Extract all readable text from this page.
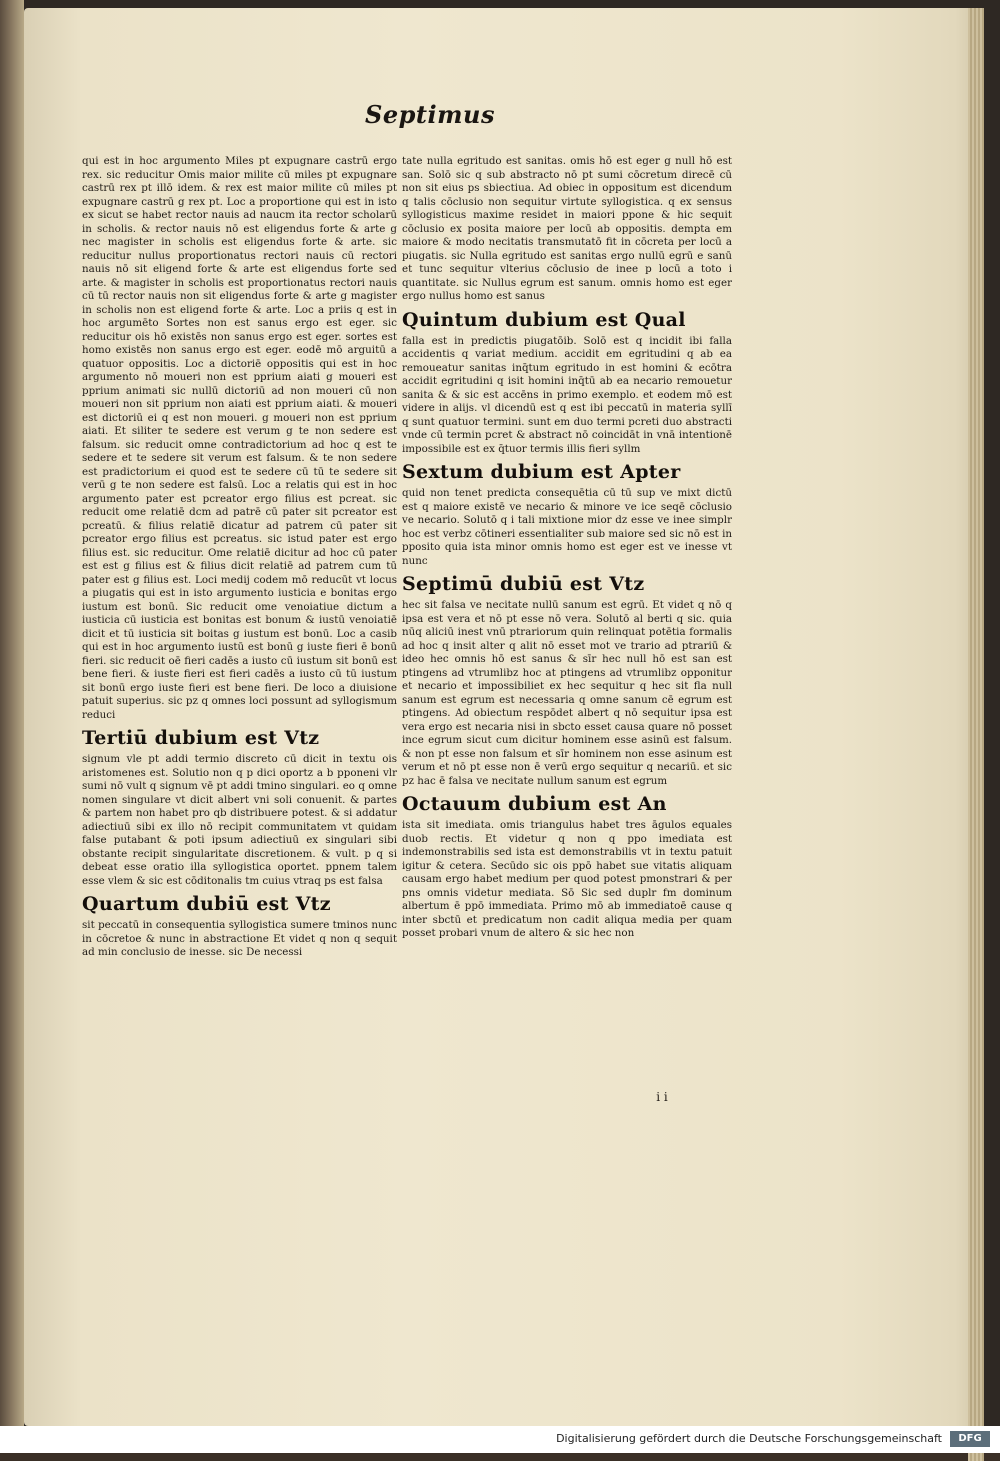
Septimus

qui est in hoc argumento Miles pt expugnare castrū ergo rex. sic reducitur Omis maior milite cū miles pt expugnare castrū rex pt illō idem. & rex est maior milite cū miles pt expugnare castrū g rex pt. Loc a proportione qui est in isto ex sicut se habet rector nauis ad naucm ita rector scholarū in scholis. & rector nauis nō est eligendus forte & arte g nec magister in scholis est eligendus forte & arte. sic reducitur nullus proportionatus rectori nauis cū rectori nauis nō sit eligend forte & arte est eligendus forte sed arte. & magister in scholis est proportionatus rectori nauis cū tū rector nauis non sit eligendus forte & arte g magister in scholis non est eligend forte & arte. Loc a priis q est in hoc argumēto Sortes non est sanus ergo est eger. sic reducitur ois hō existēs non sanus ergo est eger. sortes est homo existēs non sanus ergo est eger. eodē mō arguitū a quatuor oppositis. Loc a dictoriē oppositis qui est in hoc argumento nō moueri non est pprium aiati g moueri est pprium animati sic nullū dictoriū ad non moueri cū non moueri non sit pprium non aiati est pprium aiati. & moueri est dictoriū ei q est non moueri. g moueri non est pprium aiati. Et siliter te sedere est verum g te non sedere est falsum. sic reducit omne contradictorium ad hoc q est te sedere et te sedere sit verum est falsum. & te non sedere est pradictorium ei quod est te sedere cū tū te sedere sit verū g te non sedere est falsū. Loc a relatis qui est in hoc argumento pater est pcreator ergo filius est pcreat. sic reducit ome relatiē dcm ad patrē cū pater sit pcreator est pcreatū. & filius relatiē dicatur ad patrem cū pater sit pcreator ergo filius est pcreatus. sic istud pater est ergo filius est. sic reducitur. Ome relatiē dicitur ad hoc cū pater est est g filius est & filius dicit relatiē ad patrem cum tū pater est g filius est. Loci medij codem mō reducūt vt locus a piugatis qui est in isto argumento iusticia e bonitas ergo iustum est bonū. Sic reducit ome venoiatiue dictum a iusticia cū iusticia est bonitas est bonum & iustū venoiatiē dicit et tū iusticia sit boitas g iustum est bonū. Loc a casib qui est in hoc argumento iustū est bonū g iuste fieri ē bonū fieri. sic reducit oē fieri cadēs a iusto cū iustum sit bonū est bene fieri. & iuste fieri est fieri cadēs a iusto cū tū iustum sit bonū ergo iuste fieri est bene fieri. De loco a diuisione patuit superius. sic pz q omnes loci possunt ad syllogismum reduci

Tertiū dubium est Vtz

signum vle pt addi termio discreto cū dicit in textu ois aristomenes est. Solutio non q p dici oportz a b pponeni vlr sumi nō vult q signum vē pt addi tmino singulari. eo q omne nomen singulare vt dicit albert vni soli conuenit. & partes & partem non habet pro qb distribuere potest. & si addatur adiectiuū sibi ex illo nō recipit communitatem vt quidam false putabant & poti ipsum adiectiuū ex singulari sibi obstante recipit singularitate discretionem. & vult. p q si debeat esse oratio illa syllogistica oportet. ppnem talem esse vlem & sic est cōditonalis tm cuius vtraq ps est falsa

Quartum dubiū est Vtz

sit peccatū in consequentia syllogistica sumere tminos nunc in cōcretoe & nunc in abstractione Et videt q non q sequit ad min conclusio de inesse. sic De necessi

tate nulla egritudo est sanitas. omis hō est eger g null hō est san. Solō sic q sub abstracto nō pt sumi cōcretum direcē cū non sit eius ps sbiectiua. Ad obiec in oppositum est dicendum q talis cōclusio non sequitur virtute syllogistica. q ex sensus syllogisticus maxime residet in maiori ppone & hic sequit cōclusio ex posita maiore per locū ab oppositis. dempta em maiore & modo necitatis transmutatō fit in cōcreta per locū a piugatis. sic Nulla egritudo est sanitas ergo nullū egrū e sanū et tunc sequitur vlterius cōclusio de inee p locū a toto i quantitate. sic Nullus egrum est sanum. omnis homo est eger ergo nullus homo est sanus

Quintum dubium est Qual

falla est in predictis piugatōib. Solō est q incidit ibi falla accidentis q variat medium. accidit em egritudini q ab ea remoueatur sanitas inq̄tum egritudo in est homini & ecōtra accidit egritudini q isit homini inq̄tū ab ea necario remouetur sanita & & sic est accēns in primo exemplo. et eodem mō est videre in alijs. vl dicendū est q est ibi peccatū in materia syllī q sunt quatuor termini. sunt em duo termi pcreti duo abstracti vnde cū termin pcret & abstract nō coincidāt in vnā intentionē impossibile est ex q̄tuor termis illis fieri syllm

Sextum dubium est Apter

quid non tenet predicta consequētia cū tū sup ve mixt dictū est q maiore existē ve necario & minore ve ice seqē cōclusio ve necario. Solutō q i tali mixtione mior dz esse ve inee simplr hoc est verbz cōtineri essentialiter sub maiore sed sic nō est in pposito quia ista minor omnis homo est eger est ve inesse vt nunc

Septimū dubiū est Vtz

hec sit falsa ve necitate nullū sanum est egrū. Et videt q nō q ipsa est vera et nō pt esse nō vera. Solutō al berti q sic. quia nūq aliciū inest vnū ptrariorum quin relinquat potētia formalis ad hoc q insit alter q alit nō esset mot ve trario ad ptrariū & ideo hec omnis hō est sanus & sīr hec null hō est san est ptingens ad vtrumlibz hoc at ptingens ad vtrumlibz opponitur et necario et impossibiliet ex hec sequitur q hec sit fla null sanum est egrum est necessaria q omne sanum cē egrum est ptingens. Ad obiectum respōdet albert q nō sequitur ipsa est vera ergo est necaria nisi in sbcto esset causa quare nō posset ince egrum sicut cum dicitur hominem esse asinū est falsum. & non pt esse non falsum et sīr hominem non esse asinum est verum et nō pt esse non ē verū ergo sequitur q necariū. et sic pz hac ē falsa ve necitate nullum sanum est egrum

Octauum dubium est An

ista sit imediata. omis triangulus habet tres āgulos equales duob rectis. Et videtur q non q ppo imediata est indemonstrabilis sed ista est demonstrabilis vt in textu patuit igitur & cetera. Secūdo sic ois ppō habet sue vitatis aliquam causam ergo habet medium per quod potest pmonstrari & per pns omnis videtur mediata. Sō Sic sed duplr fm dominum albertum ē ppō immediata. Primo mō ab immediatoē cause q inter sbctū et predicatum non cadit aliqua media per quam posset probari vnum de altero & sic hec non

i i
Digitalisierung gefördert durch die Deutsche Forschungsgemeinschaft	DFG
